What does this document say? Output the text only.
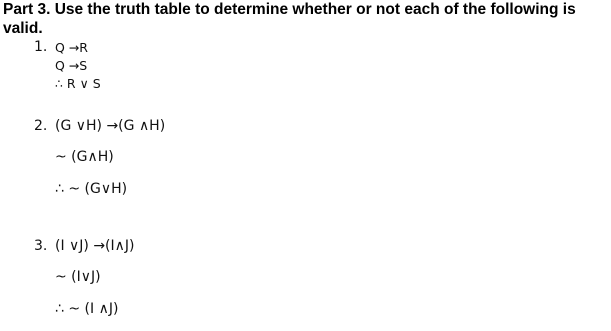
Part 3. Use the truth table to determine whether or not each of the following is valid.
1. Q →R
Q →S
∴ R ∨ S
2. (G ∨H) →(G ∧H)
~ (G∧H)
∴ ~ (G∨H)
3. (I ∨J) →(I∧J)
~ (I∨J)
∴ ~ (I ∧J)
